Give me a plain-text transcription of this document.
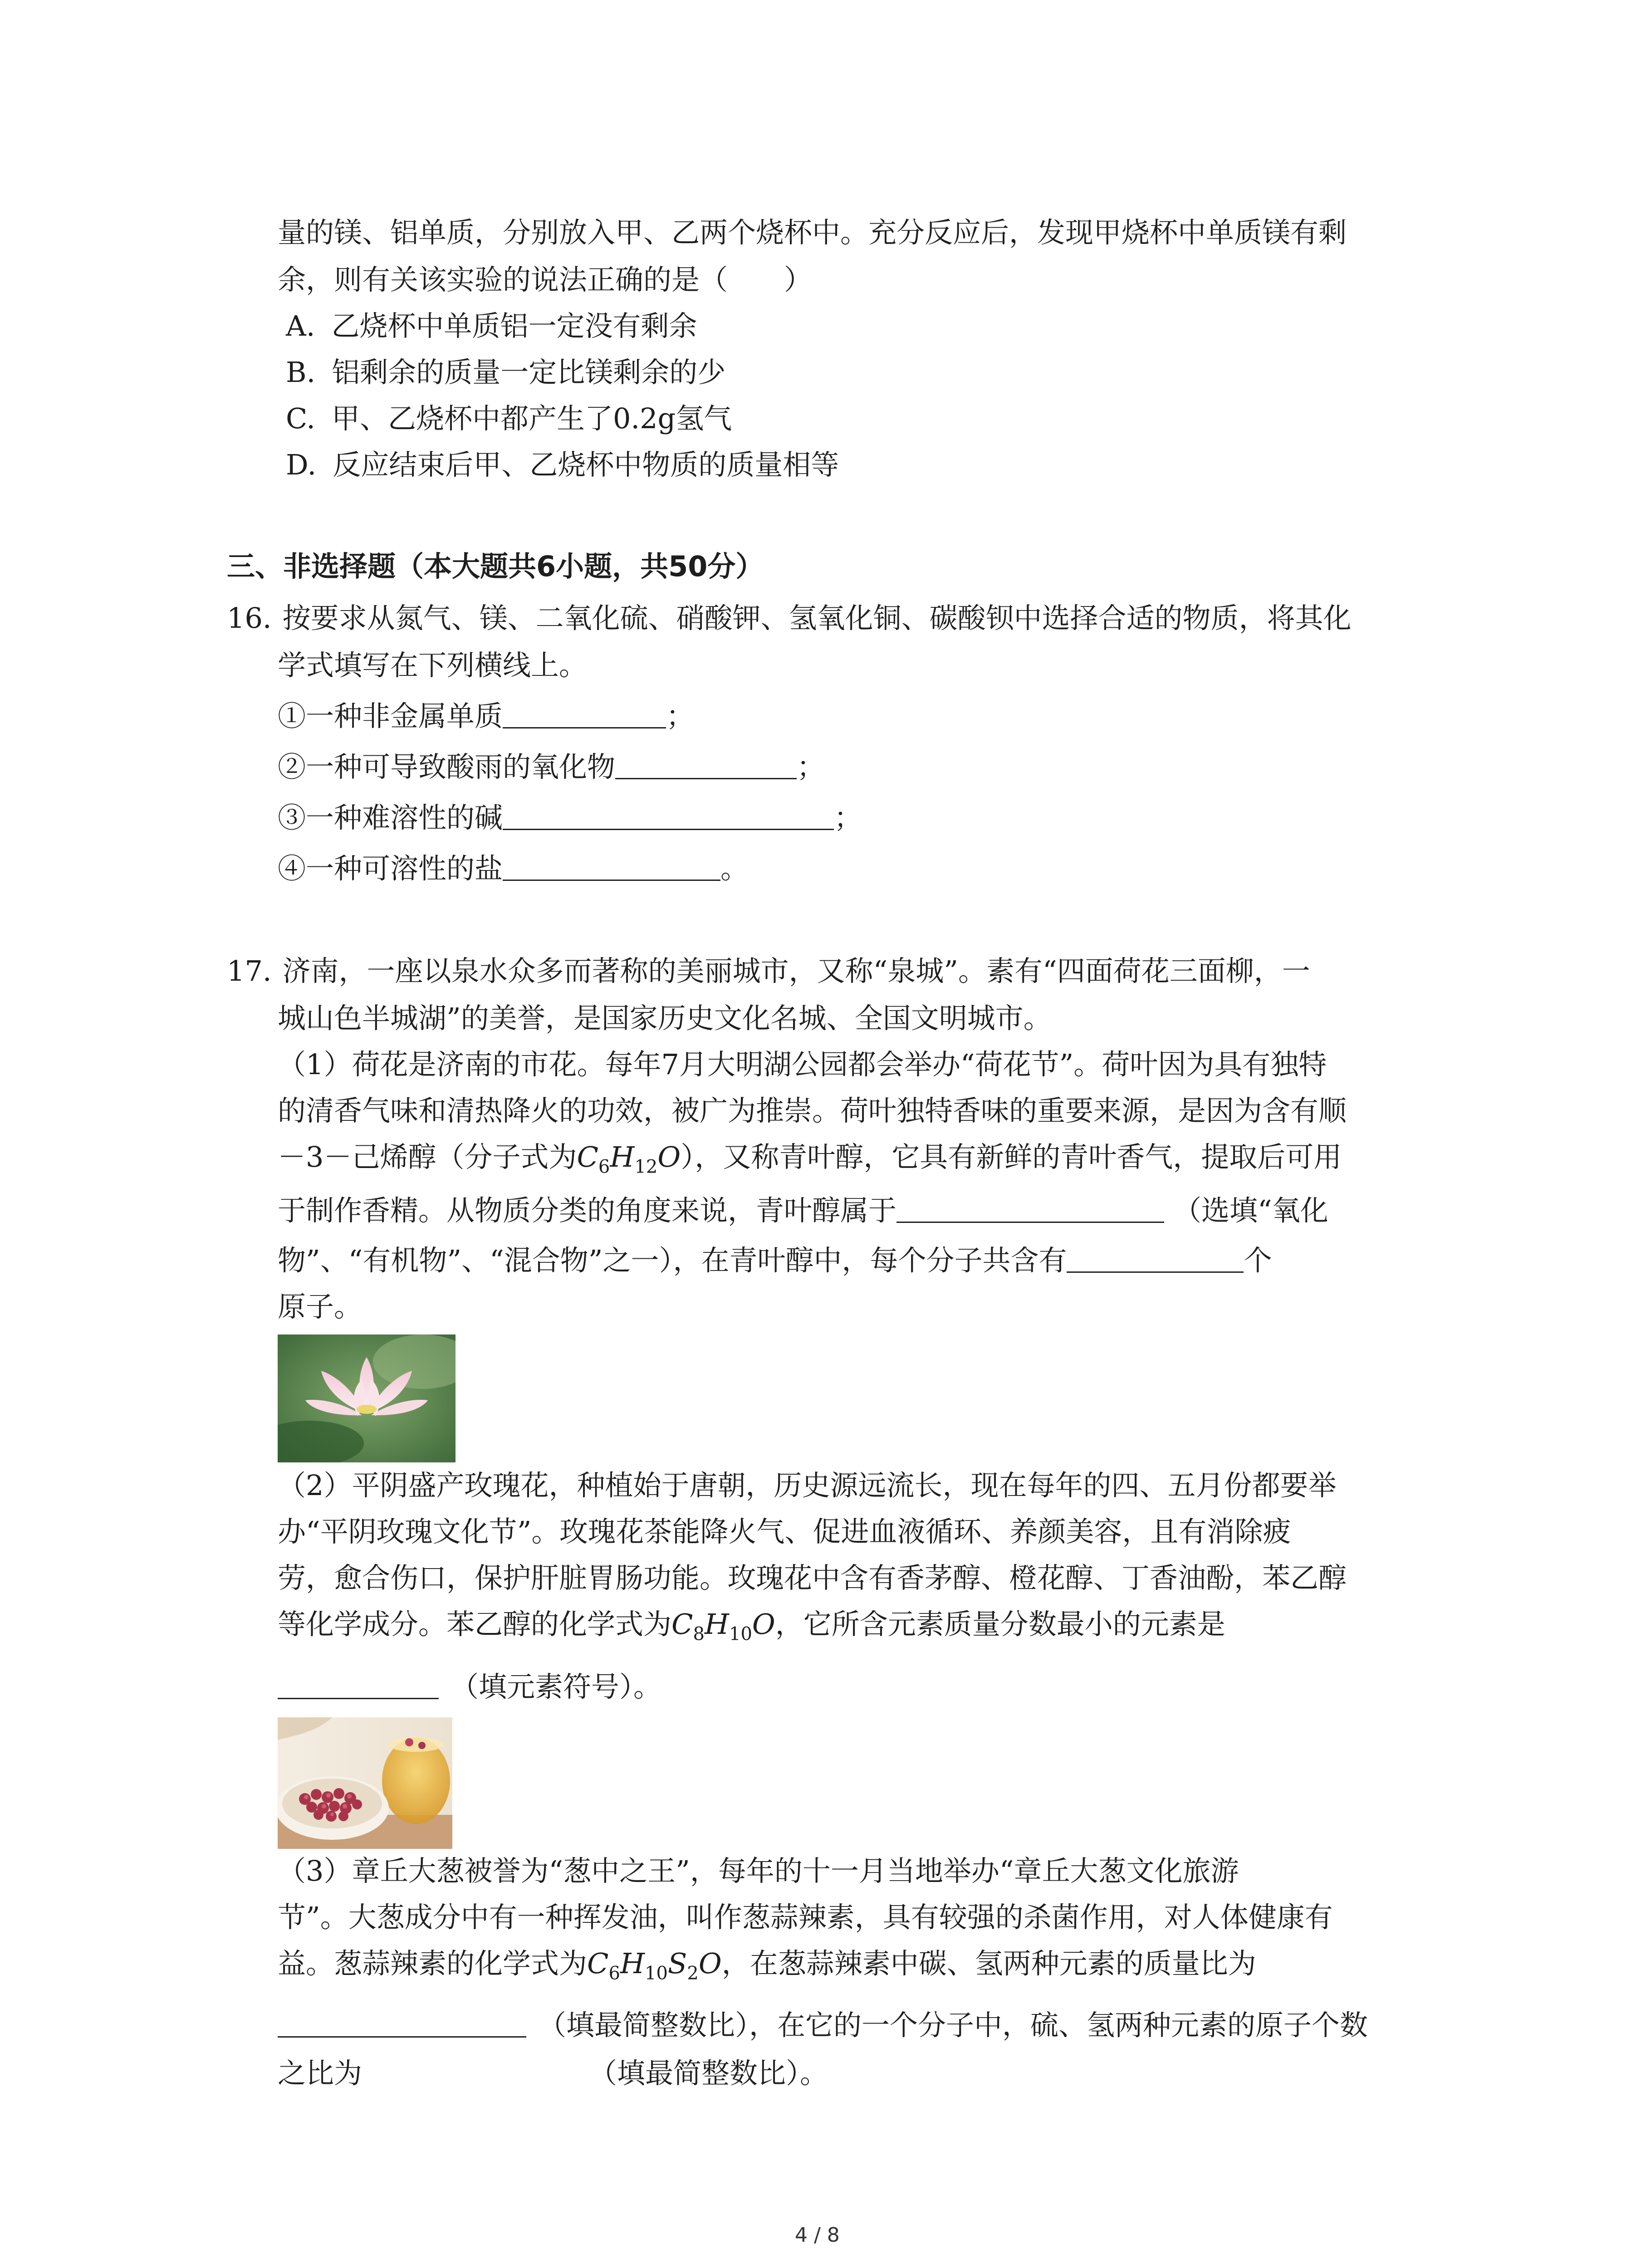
量的镁、铝单质，分别放入甲、乙两个烧杯中。充分反应后，发现甲烧杯中单质镁有剩
余，则有关该实验的说法正确的是（　　）
A. 乙烧杯中单质铝一定没有剩余
B. 铝剩余的质量一定比镁剩余的少
C. 甲、乙烧杯中都产生了0.2g氢气
D. 反应结束后甲、乙烧杯中物质的质量相等
三、非选择题（本大题共6小题，共50分）
16. 按要求从氮气、镁、二氧化硫、硝酸钾、氢氧化铜、碳酸钡中选择合适的物质，将其化
学式填写在下列横线上。
①一种非金属单质	；
②一种可导致酸雨的氧化物	；
③一种难溶性的碱	；
④一种可溶性的盐	。
17. 济南，一座以泉水众多而著称的美丽城市，又称“泉城”。素有“四面荷花三面柳，一
城山色半城湖”的美誉，是国家历史文化名城、全国文明城市。
（1）荷花是济南的市花。每年7月大明湖公园都会举办“荷花节”。荷叶因为具有独特
的清香气味和清热降火的功效，被广为推崇。荷叶独特香味的重要来源，是因为含有顺
－3－己烯醇（分子式为$C_6H_{12}O$），又称青叶醇，它具有新鲜的青叶香气，提取后可用
于制作香精。从物质分类的角度来说，青叶醇属于	（选填“氧化
物”、“有机物”、“混合物”之一），在青叶醇中，每个分子共含有	个
原子。
（2）平阴盛产玫瑰花，种植始于唐朝，历史源远流长，现在每年的四、五月份都要举
办“平阴玫瑰文化节”。玫瑰花茶能降火气、促进血液循环、养颜美容，且有消除疲
劳，愈合伤口，保护肝脏胃肠功能。玫瑰花中含有香茅醇、橙花醇、丁香油酚，苯乙醇
等化学成分。苯乙醇的化学式为$C_8H_{10}O$，它所含元素质量分数最小的元素是
（填元素符号）。
（3）章丘大葱被誉为“葱中之王”，每年的十一月当地举办“章丘大葱文化旅游
节”。大葱成分中有一种挥发油，叫作葱蒜辣素，具有较强的杀菌作用，对人体健康有
益。葱蒜辣素的化学式为$C_6H_{10}S_2O$，在葱蒜辣素中碳、氢两种元素的质量比为
（填最简整数比），在它的一个分子中，硫、氢两种元素的原子个数
之比为	（填最简整数比）。
4 / 8
